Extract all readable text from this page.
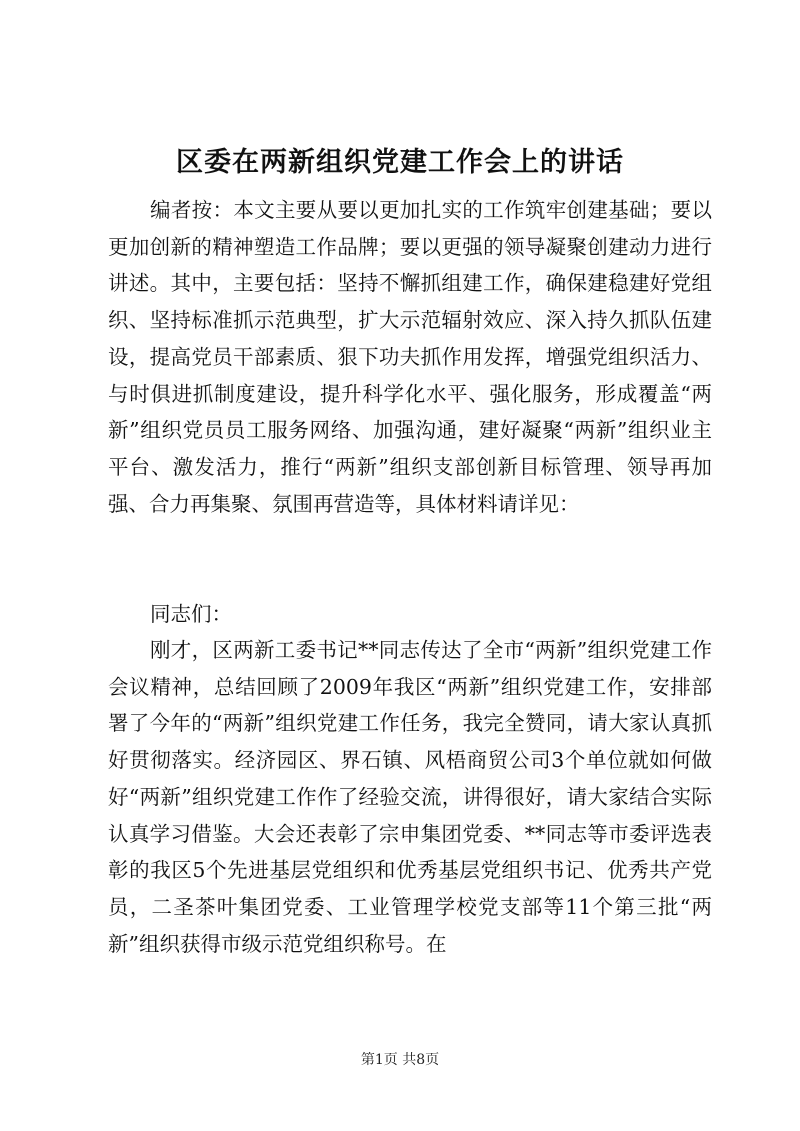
区委在两新组织党建工作会上的讲话

编者按：本文主要从要以更加扎实的工作筑牢创建基础；要以更加创新的精神塑造工作品牌；要以更强的领导凝聚创建动力进行讲述。其中，主要包括：坚持不懈抓组建工作，确保建稳建好党组织、坚持标准抓示范典型，扩大示范辐射效应、深入持久抓队伍建设，提高党员干部素质、狠下功夫抓作用发挥，增强党组织活力、与时俱进抓制度建设，提升科学化水平、强化服务，形成覆盖“两新”组织党员员工服务网络、加强沟通，建好凝聚“两新”组织业主平台、激发活力，推行“两新”组织支部创新目标管理、领导再加强、合力再集聚、氛围再营造等，具体材料请详见：

同志们：

刚才，区两新工委书记**同志传达了全市“两新”组织党建工作会议精神，总结回顾了2009年我区“两新”组织党建工作，安排部署了今年的“两新”组织党建工作任务，我完全赞同，请大家认真抓好贯彻落实。经济园区、界石镇、风梧商贸公司3个单位就如何做好“两新”组织党建工作作了经验交流，讲得很好，请大家结合实际认真学习借鉴。大会还表彰了宗申集团党委、**同志等市委评选表彰的我区5个先进基层党组织和优秀基层党组织书记、优秀共产党员，二圣茶叶集团党委、工业管理学校党支部等11个第三批“两新”组织获得市级示范党组织称号。在

第1页 共8页
